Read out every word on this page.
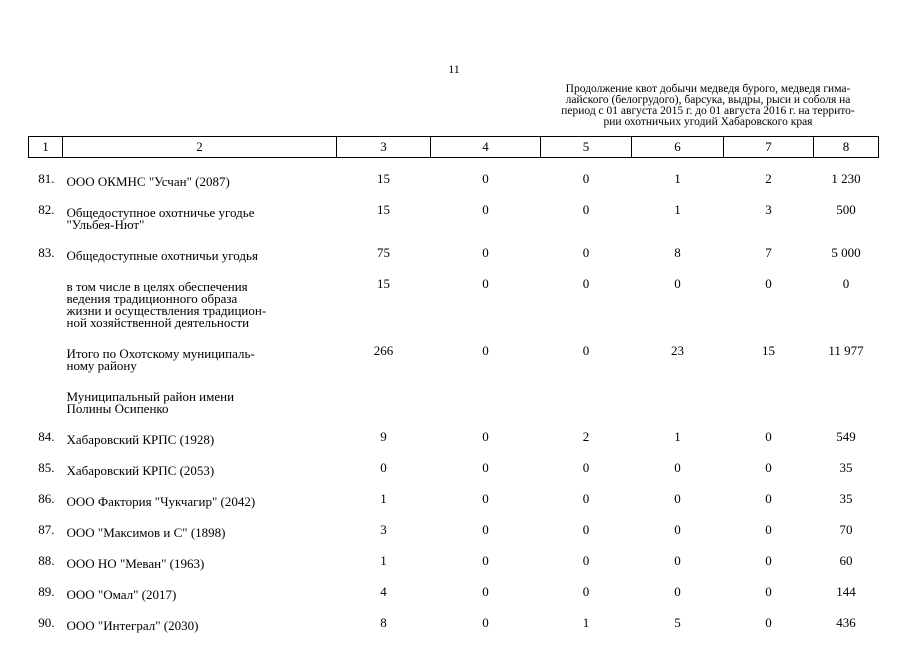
11
Продолжение квот добычи медведя бурого, медведя гима-
лайского (белогрудого), барсука, выдры, рыси и соболя на
период с 01 августа 2015 г. до 01 августа 2016 г. на террито-
рии охотничьих угодий Хабаровского края
1	2	3	4	5	6	7	8

81.	ООО ОКМНС "Усчан" (2087)	15	0	0	1	2	1 230
82.	Общедоступное охотничье угодье
"Ульбея-Нют"	15	0	0	1	3	500
83.	Общедоступные охотничьи угодья	75	0	0	8	7	5 000

	в том числе в целях обеспечения
ведения традиционного образа
жизни и осуществления традицион-
ной хозяйственной деятельности	15	0	0	0	0	0

	Итого по Охотскому муниципаль-
ному району	266	0	0	23	15	11 977

	Муниципальный район имени
Полины Осипенко						

84.	Хабаровский КРПС (1928)	9	0	2	1	0	549
85.	Хабаровский КРПС (2053)	0	0	0	0	0	35
86.	ООО Фактория "Чукчагир" (2042)	1	0	0	0	0	35
87.	ООО "Максимов и С" (1898)	3	0	0	0	0	70
88.	ООО НО "Меван" (1963)	1	0	0	0	0	60
89.	ООО "Омал" (2017)	4	0	0	0	0	144
90.	ООО "Интеграл" (2030)	8	0	1	5	0	436
